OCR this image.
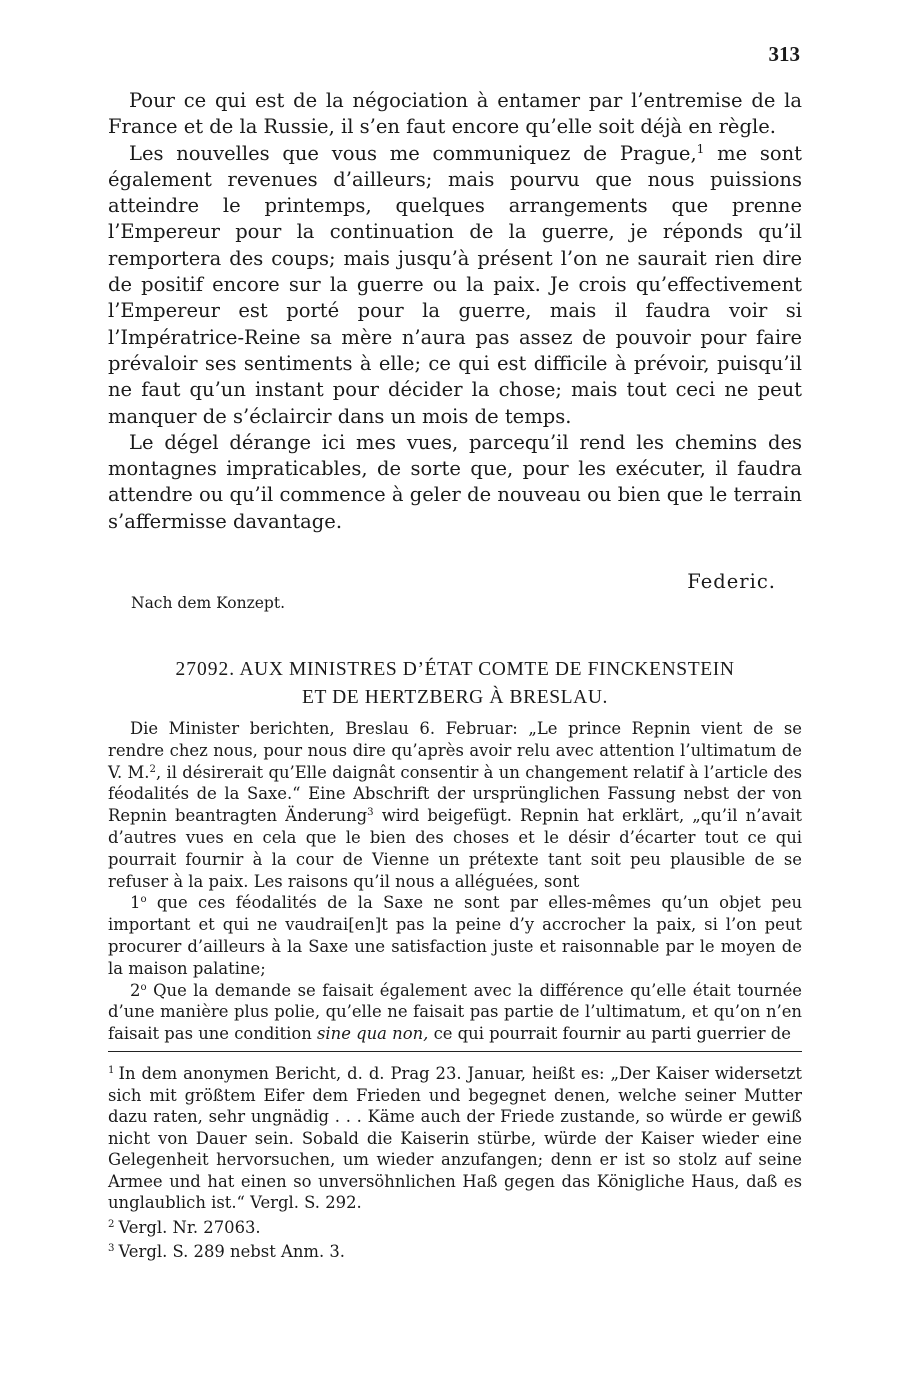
313

Pour ce qui est de la négociation à entamer par l’entremise de la France et de la Russie, il s’en faut encore qu’elle soit déjà en règle.

Les nouvelles que vous me communiquez de Prague,$^1$ me sont également revenues d’ailleurs; mais pourvu que nous puissions atteindre le printemps, quelques arrangements que prenne l’Empereur pour la continuation de la guerre, je réponds qu’il remportera des coups; mais jusqu’à présent l’on ne saurait rien dire de positif encore sur la guerre ou la paix. Je crois qu’effectivement l’Empereur est porté pour la guerre, mais il faudra voir si l’Impératrice-Reine sa mère n’aura pas assez de pouvoir pour faire prévaloir ses sentiments à elle; ce qui est difficile à prévoir, puisqu’il ne faut qu’un instant pour décider la chose; mais tout ceci ne peut manquer de s’éclaircir dans un mois de temps.

Le dégel dérange ici mes vues, parcequ’il rend les chemins des montagnes impraticables, de sorte que, pour les exécuter, il faudra attendre ou qu’il commence à geler de nouveau ou bien que le terrain s’affermisse davantage.

Federic.
Nach dem Konzept.
27092. AUX MINISTRES D’ÉTAT COMTE DE FINCKENSTEIN
ET DE HERTZBERG À BRESLAU.

Die Minister berichten, Breslau 6. Februar: „Le prince Repnin vient de se rendre chez nous, pour nous dire qu’après avoir relu avec attention l’ultimatum de V. M.$^2$, il désirerait qu’Elle daignât consentir à un changement relatif à l’article des féodalités de la Saxe.“ Eine Abschrift der ursprünglichen Fassung nebst der von Repnin beantragten Änderung$^3$ wird beigefügt. Repnin hat erklärt, „qu’il n’avait d’autres vues en cela que le bien des choses et le désir d’écarter tout ce qui pourrait fournir à la cour de Vienne un prétexte tant soit peu plausible de se refuser à la paix. Les raisons qu’il nous a alléguées, sont

1$^o$ que ces féodalités de la Saxe ne sont par elles-mêmes qu’un objet peu important et qui ne vaudrai[en]t pas la peine d’y accrocher la paix, si l’on peut procurer d’ailleurs à la Saxe une satisfaction juste et raisonnable par le moyen de la maison palatine;

2$^o$ Que la demande se faisait également avec la différence qu’elle était tournée d’une manière plus polie, qu’elle ne faisait pas partie de l’ultimatum, et qu’on n’en faisait pas une condition sine qua non, ce qui pourrait fournir au parti guerrier de

$^1$ In dem anonymen Bericht, d. d. Prag 23. Januar, heißt es: „Der Kaiser widersetzt sich mit größtem Eifer dem Frieden und begegnet denen, welche seiner Mutter dazu raten, sehr ungnädig . . . Käme auch der Friede zustande, so würde er gewiß nicht von Dauer sein. Sobald die Kaiserin stürbe, würde der Kaiser wieder eine Gelegenheit hervorsuchen, um wieder anzufangen; denn er ist so stolz auf seine Armee und hat einen so unversöhnlichen Haß gegen das Königliche Haus, daß es unglaublich ist.“ Vergl. S. 292.

$^2$ Vergl. Nr. 27063.

$^3$ Vergl. S. 289 nebst Anm. 3.
